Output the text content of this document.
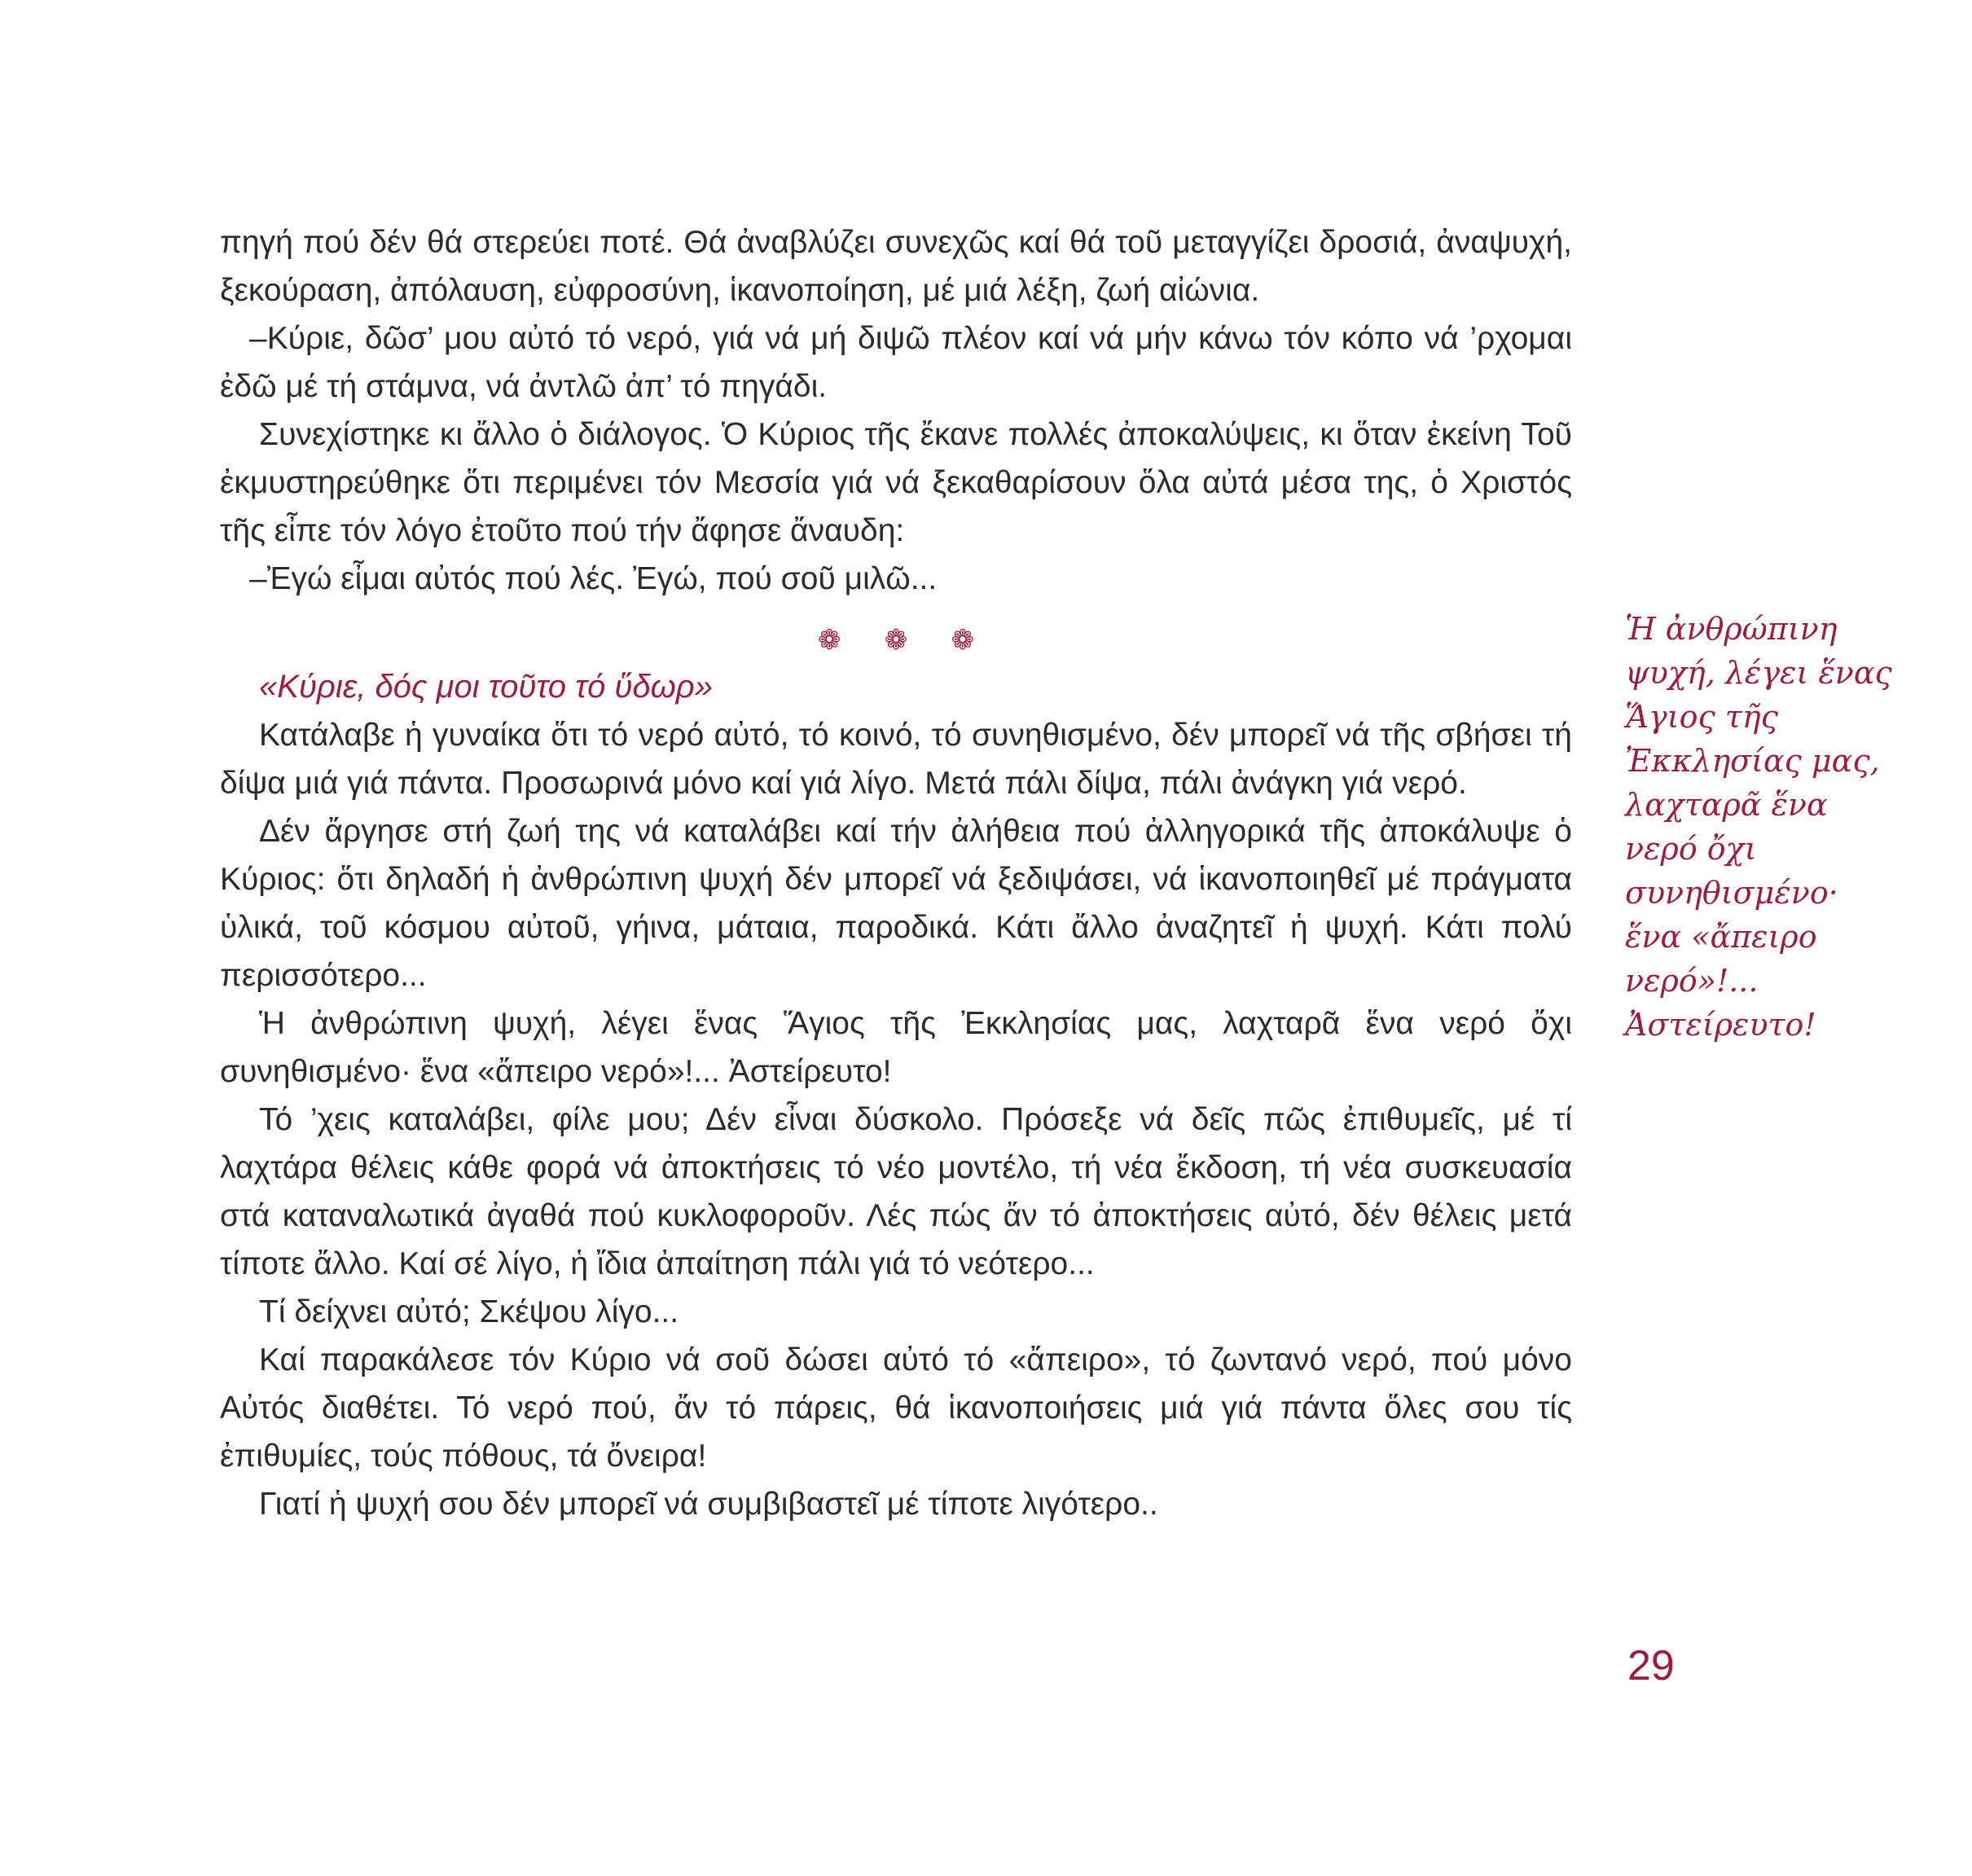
πηγή πού δέν θά στερεύει ποτέ. Θά ἀναβλύζει συνεχῶς καί θά τοῦ μεταγγίζει δροσιά, ἀναψυχή, ξεκούραση, ἀπόλαυση, εὐφροσύνη, ἱκανοποίηση, μέ μιά λέξη, ζωή αἰώνια.

–Κύριε, δῶσ’ μου αὐτό τό νερό, γιά νά μή διψῶ πλέον καί νά μήν κάνω τόν κόπο νά ’ρχομαι ἐδῶ μέ τή στάμνα, νά ἀντλῶ ἀπ’ τό πηγάδι.

Συνεχίστηκε κι ἄλλο ὁ διάλογος. Ὁ Κύριος τῆς ἔκανε πολλές ἀποκαλύψεις, κι ὅταν ἐκείνη Τοῦ ἐκμυστηρεύθηκε ὅτι περιμένει τόν Μεσσία γιά νά ξεκαθαρίσουν ὅλα αὐτά μέσα της, ὁ Χριστός τῆς εἶπε τόν λόγο ἐτοῦτο πού τήν ἄφησε ἄναυδη:

–Ἐγώ εἶμαι αὐτός πού λές. Ἐγώ, πού σοῦ μιλῶ...

❁ ❁ ❁

«Κύριε, δός μοι τοῦτο τό ὕδωρ»

Κατάλαβε ἡ γυναίκα ὅτι τό νερό αὐτό, τό κοινό, τό συνηθισμένο, δέν μπορεῖ νά τῆς σβήσει τή δίψα μιά γιά πάντα. Προσωρινά μόνο καί γιά λίγο. Μετά πάλι δίψα, πάλι ἀνάγκη γιά νερό.

Δέν ἄργησε στή ζωή της νά καταλάβει καί τήν ἀλήθεια πού ἀλληγορικά τῆς ἀποκάλυψε ὁ Κύριος: ὅτι δηλαδή ἡ ἀνθρώπινη ψυχή δέν μπορεῖ νά ξεδιψάσει, νά ἱκανοποιηθεῖ μέ πράγματα ὑλικά, τοῦ κόσμου αὐτοῦ, γήινα, μάταια, παροδικά. Κάτι ἄλλο ἀναζητεῖ ἡ ψυχή. Κάτι πολύ περισσότερο...

Ἡ ἀνθρώπινη ψυχή, λέγει ἕνας Ἅγιος τῆς Ἐκκλησίας μας, λαχταρᾶ ἕνα νερό ὄχι συνηθισμένο· ἕνα «ἄπειρο νερό»!... Ἀστείρευτο!

Τό ’χεις καταλάβει, φίλε μου; Δέν εἶναι δύσκολο. Πρόσεξε νά δεῖς πῶς ἐπιθυμεῖς, μέ τί λαχτάρα θέλεις κάθε φορά νά ἀποκτήσεις τό νέο μοντέλο, τή νέα ἔκδοση, τή νέα συσκευασία στά καταναλωτικά ἀγαθά πού κυκλοφοροῦν. Λές πώς ἄν τό ἀποκτήσεις αὐτό, δέν θέλεις μετά τίποτε ἄλλο. Καί σέ λίγο, ἡ ἴδια ἀπαίτηση πάλι γιά τό νεότερο...

Τί δείχνει αὐτό; Σκέψου λίγο...

Καί παρακάλεσε τόν Κύριο νά σοῦ δώσει αὐτό τό «ἄπειρο», τό ζωντανό νερό, πού μόνο Αὐτός διαθέτει. Τό νερό πού, ἄν τό πάρεις, θά ἱκανοποιήσεις μιά γιά πάντα ὅλες σου τίς ἐπιθυμίες, τούς πόθους, τά ὄνειρα!

Γιατί ἡ ψυχή σου δέν μπορεῖ νά συμβιβαστεῖ μέ τίποτε λιγότερο..

Ἡ ἀνθρώπινη ψυχή, λέγει ἕνας Ἅγιος τῆς Ἐκκλησίας μας, λαχταρᾶ ἕνα νερό ὄχι συνηθισμένο· ἕνα «ἄπειρο νερό»!... Ἀστείρευτο!
29
